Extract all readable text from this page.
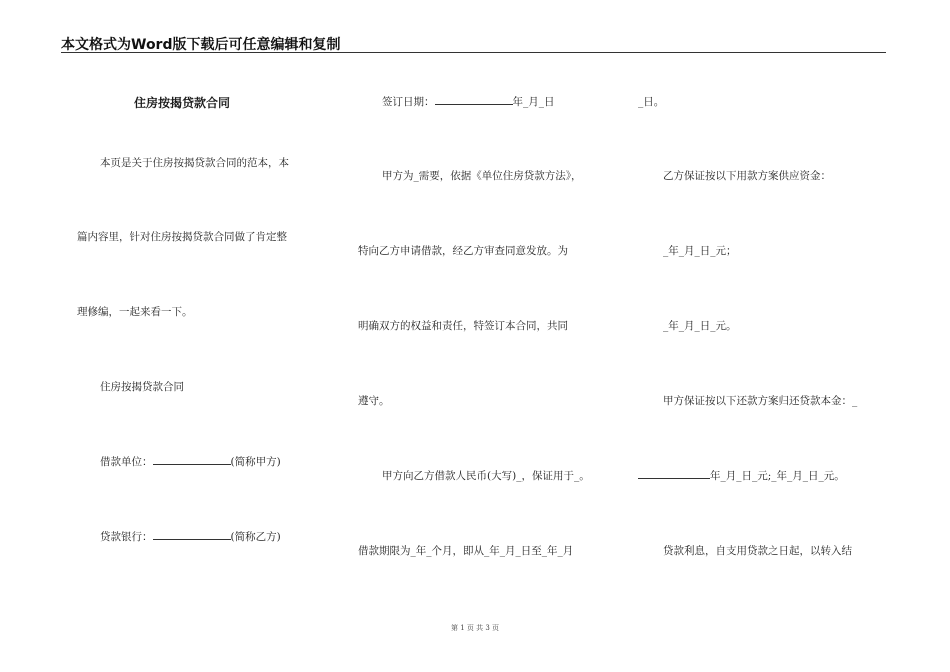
本文格式为Word版下载后可任意编辑和复制
住房按揭贷款合同
本页是关于住房按揭贷款合同的范本，本
篇内容里，针对住房按揭贷款合同做了肯定整
理修编，一起来看一下。
住房按揭贷款合同
借款单位：	(简称甲方)
贷款银行：	(简称乙方)
签订日期：	年_月_日
甲方为_需要，依据《单位住房贷款方法》，
特向乙方申请借款，经乙方审查同意发放。为
明确双方的权益和责任，特签订本合同，共同
遵守。
甲方向乙方借款人民币(大写)_，保证用于_。
借款期限为_年_个月，即从_年_月_日至_年_月
_日。
乙方保证按以下用款方案供应资金：
_年_月_日_元；
_年_月_日_元。
甲方保证按以下还款方案归还贷款本金：_
年_月_日_元;_年_月_日_元。
贷款利息，自支用贷款之日起，以转入结
第 1 页 共 3 页
